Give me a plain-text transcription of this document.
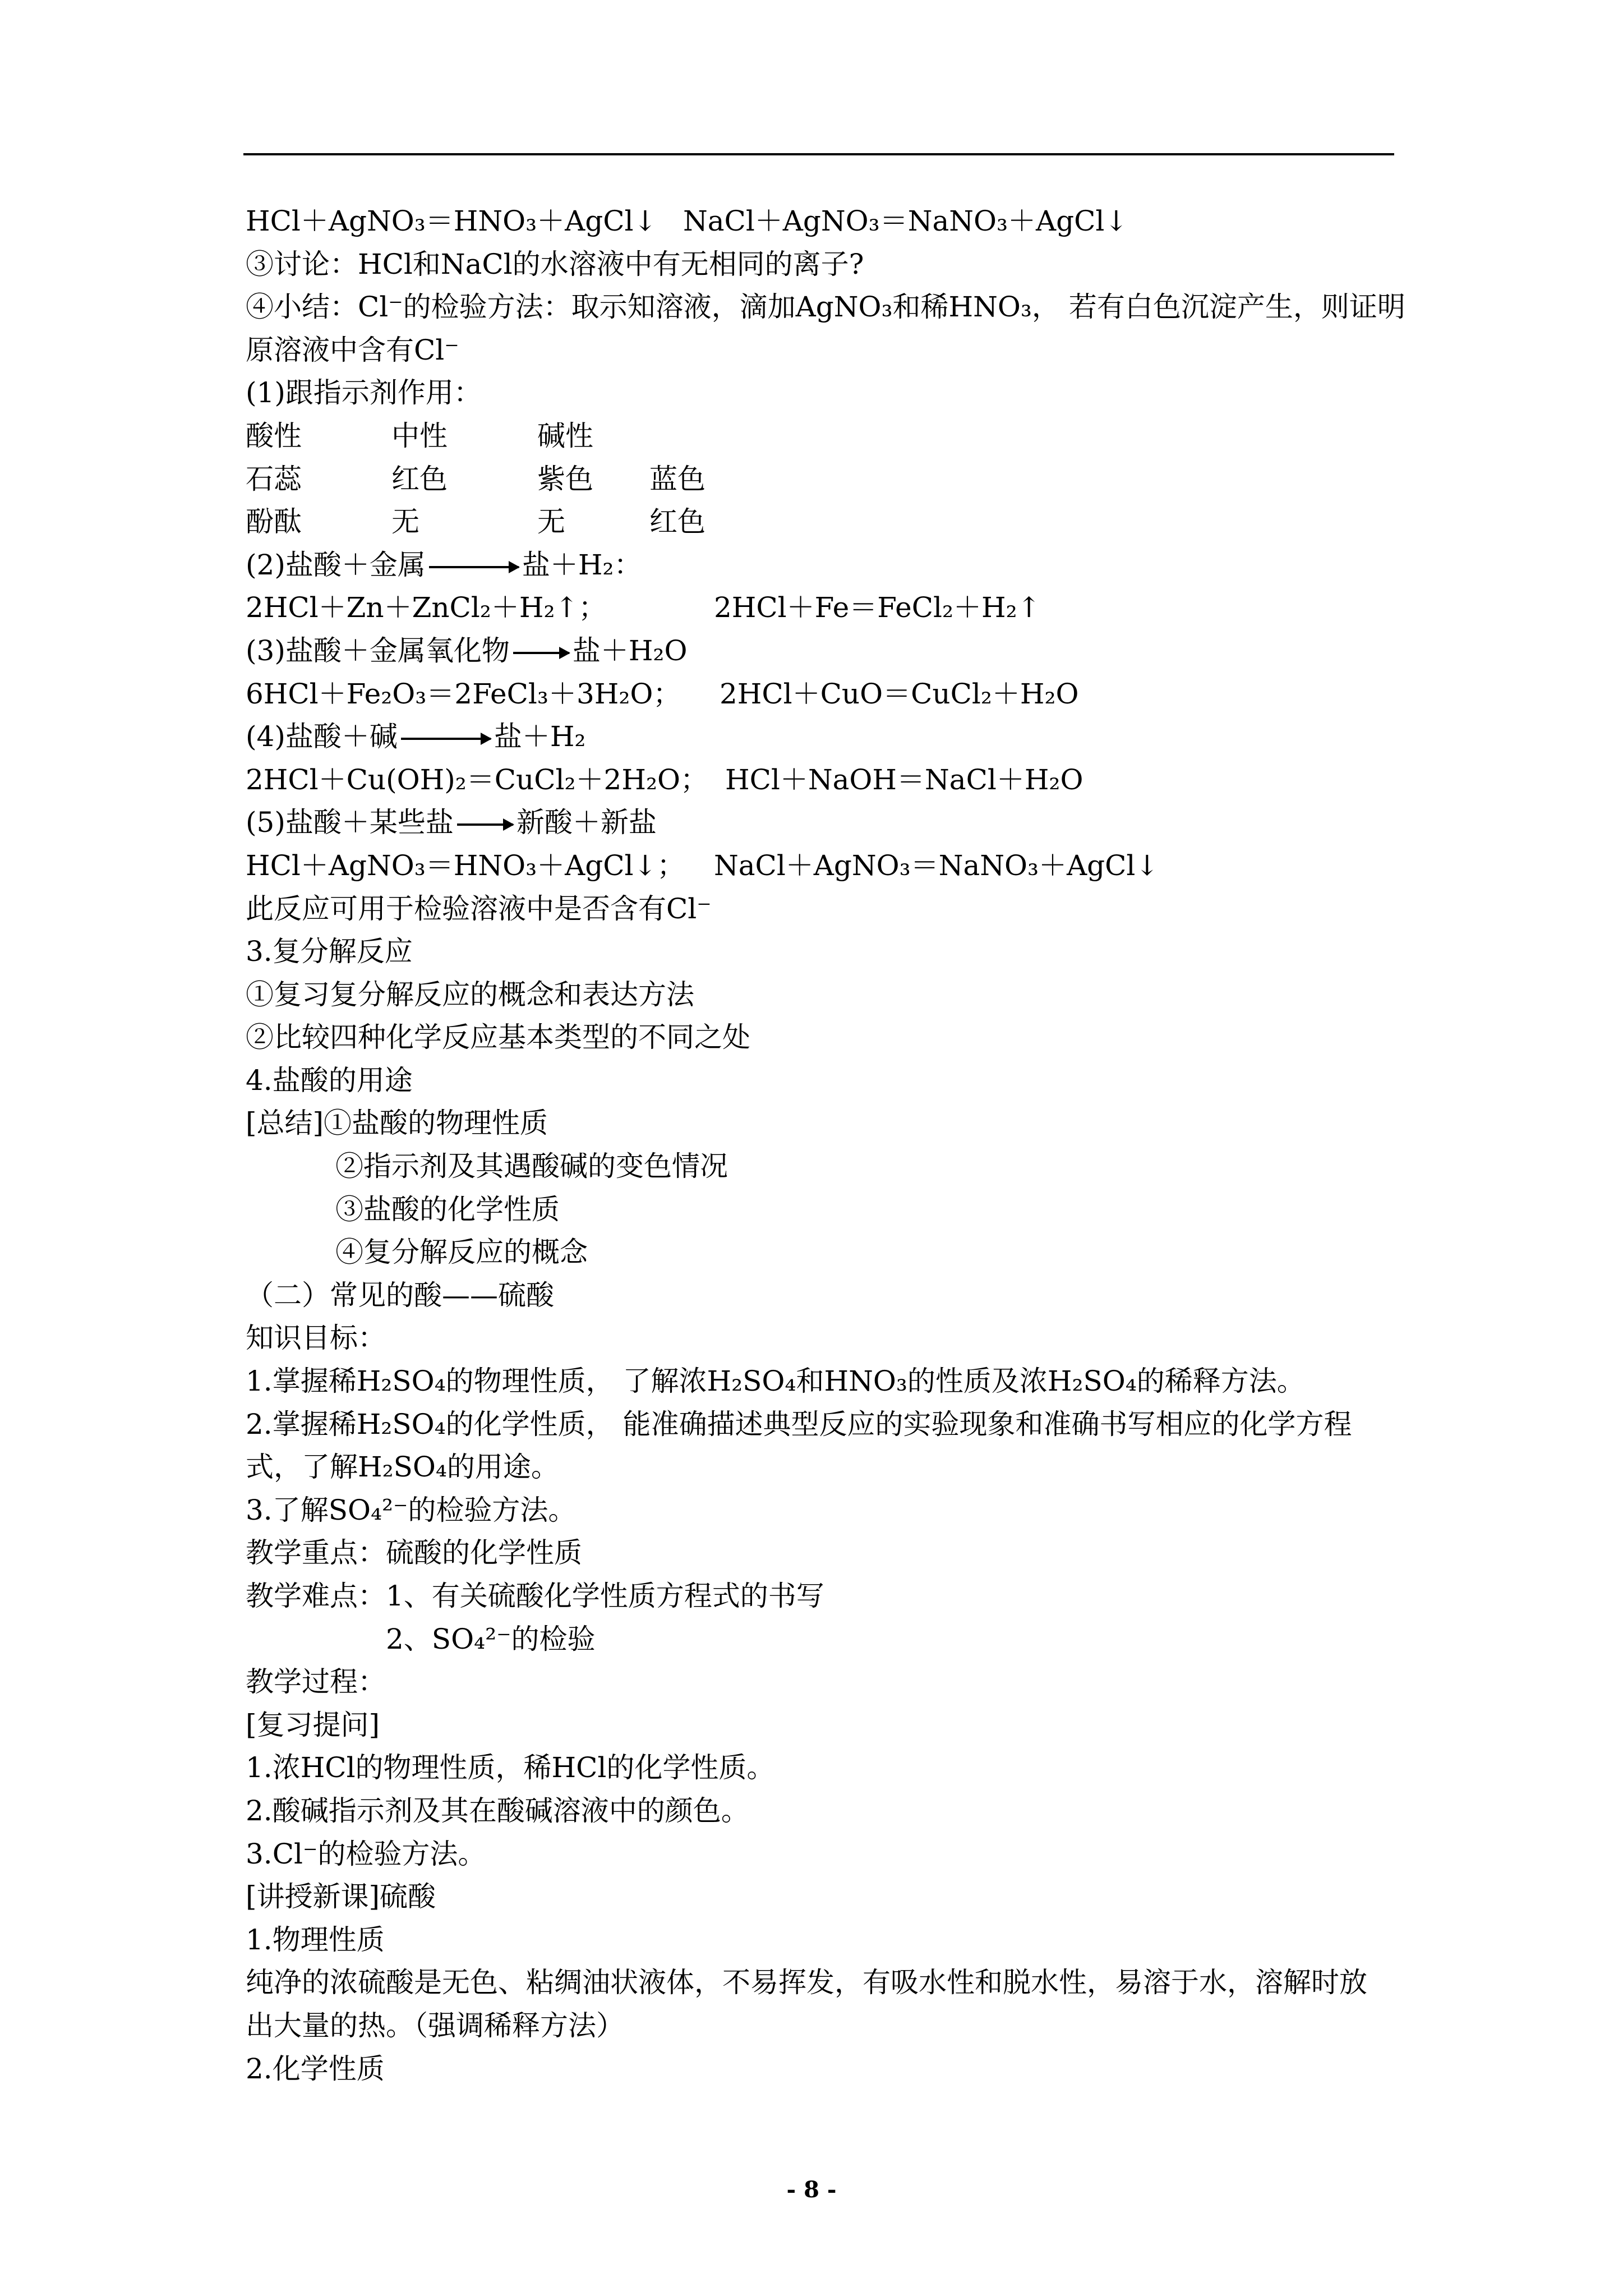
HCl＋AgNO₃＝HNO₃＋AgCl↓ NaCl＋AgNO₃＝NaNO₃＋AgCl↓
③讨论：HCl和NaCl的水溶液中有无相同的离子?
④小结：Cl⁻的检验方法：取示知溶液，滴加AgNO₃和稀HNO₃， 若有白色沉淀产生，则证明
原溶液中含有Cl⁻
(1)跟指示剂作用：
酸性	中性	碱性
石蕊	红色	紫色 蓝色
酚酞	无	无	红色
(2)盐酸＋金属	盐＋H₂：
2HCl＋Zn＋ZnCl₂＋H₂↑；	2HCl＋Fe＝FeCl₂＋H₂↑
(3)盐酸＋金属氧化物 盐＋H₂O
6HCl＋Fe₂O₃＝2FeCl₃＋3H₂O； 2HCl＋CuO＝CuCl₂＋H₂O
(4)盐酸＋碱	盐＋H₂
2HCl＋Cu(OH)₂＝CuCl₂＋2H₂O； HCl＋NaOH＝NaCl＋H₂O
(5)盐酸＋某些盐 新酸＋新盐
HCl＋AgNO₃＝HNO₃＋AgCl↓； NaCl＋AgNO₃＝NaNO₃＋AgCl↓
此反应可用于检验溶液中是否含有Cl⁻
3.复分解反应
①复习复分解反应的概念和表达方法
②比较四种化学反应基本类型的不同之处
4.盐酸的用途
[总结]①盐酸的物理性质
②指示剂及其遇酸碱的变色情况
③盐酸的化学性质
④复分解反应的概念
（二）常见的酸——硫酸
知识目标：
1.掌握稀H₂SO₄的物理性质， 了解浓H₂SO₄和HNO₃的性质及浓H₂SO₄的稀释方法。
2.掌握稀H₂SO₄的化学性质， 能准确描述典型反应的实验现象和准确书写相应的化学方程
式，了解H₂SO₄的用途。
3.了解SO₄²⁻的检验方法。
教学重点：硫酸的化学性质
教学难点：1、有关硫酸化学性质方程式的书写
2、SO₄²⁻的检验
教学过程：
[复习提问]
1.浓HCl的物理性质，稀HCl的化学性质。
2.酸碱指示剂及其在酸碱溶液中的颜色。
3.Cl⁻的检验方法。
[讲授新课]硫酸
1.物理性质
纯净的浓硫酸是无色、粘绸油状液体，不易挥发，有吸水性和脱水性，易溶于水，溶解时放
出大量的热。（强调稀释方法）
2.化学性质
- 8 -
